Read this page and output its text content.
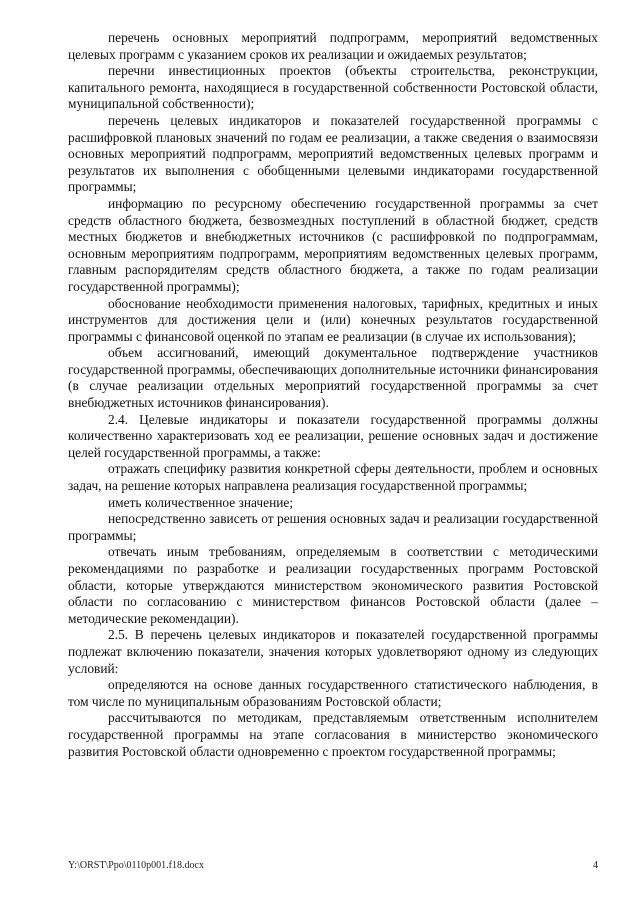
перечень основных мероприятий подпрограмм, мероприятий ведомственных целевых программ с указанием сроков их реализации и ожидаемых результатов;

перечни инвестиционных проектов (объекты строительства, реконструкции, капитального ремонта, находящиеся в государственной собственности Ростовской области, муниципальной собственности);

перечень целевых индикаторов и показателей государственной программы с расшифровкой плановых значений по годам ее реализации, а также сведения о взаимосвязи основных мероприятий подпрограмм, мероприятий ведомственных целевых программ и результатов их выполнения с обобщенными целевыми индикаторами государственной программы;

информацию по ресурсному обеспечению государственной программы за счет средств областного бюджета, безвозмездных поступлений в областной бюджет, средств местных бюджетов и внебюджетных источников (с расшифровкой по подпрограммам, основным мероприятиям подпрограмм, мероприятиям ведомственных целевых программ, главным распорядителям средств областного бюджета, а также по годам реализации государственной программы);

обоснование необходимости применения налоговых, тарифных, кредитных и иных инструментов для достижения цели и (или) конечных результатов государственной программы с финансовой оценкой по этапам ее реализации (в случае их использования);

объем ассигнований, имеющий документальное подтверждение участников государственной программы, обеспечивающих дополнительные источники финансирования (в случае реализации отдельных мероприятий государственной программы за счет внебюджетных источников финансирования).

2.4. Целевые индикаторы и показатели государственной программы должны количественно характеризовать ход ее реализации, решение основных задач и достижение целей государственной программы, а также:

отражать специфику развития конкретной сферы деятельности, проблем и основных задач, на решение которых направлена реализация государственной программы;

иметь количественное значение;

непосредственно зависеть от решения основных задач и реализации государственной программы;

отвечать иным требованиям, определяемым в соответствии с методическими рекомендациями по разработке и реализации государственных программ Ростовской области, которые утверждаются министерством экономического развития Ростовской области по согласованию с министерством финансов Ростовской области (далее – методические рекомендации).

2.5. В перечень целевых индикаторов и показателей государственной программы подлежат включению показатели, значения которых удовлетворяют одному из следующих условий:

определяются на основе данных государственного статистического наблюдения, в том числе по муниципальным образованиям Ростовской области;

рассчитываются по методикам, представляемым ответственным исполнителем государственной программы на этапе согласования в министерство экономического развития Ростовской области одновременно с проектом государственной программы;

Y:\ORST\Ppo\0110p001.f18.docx	4
